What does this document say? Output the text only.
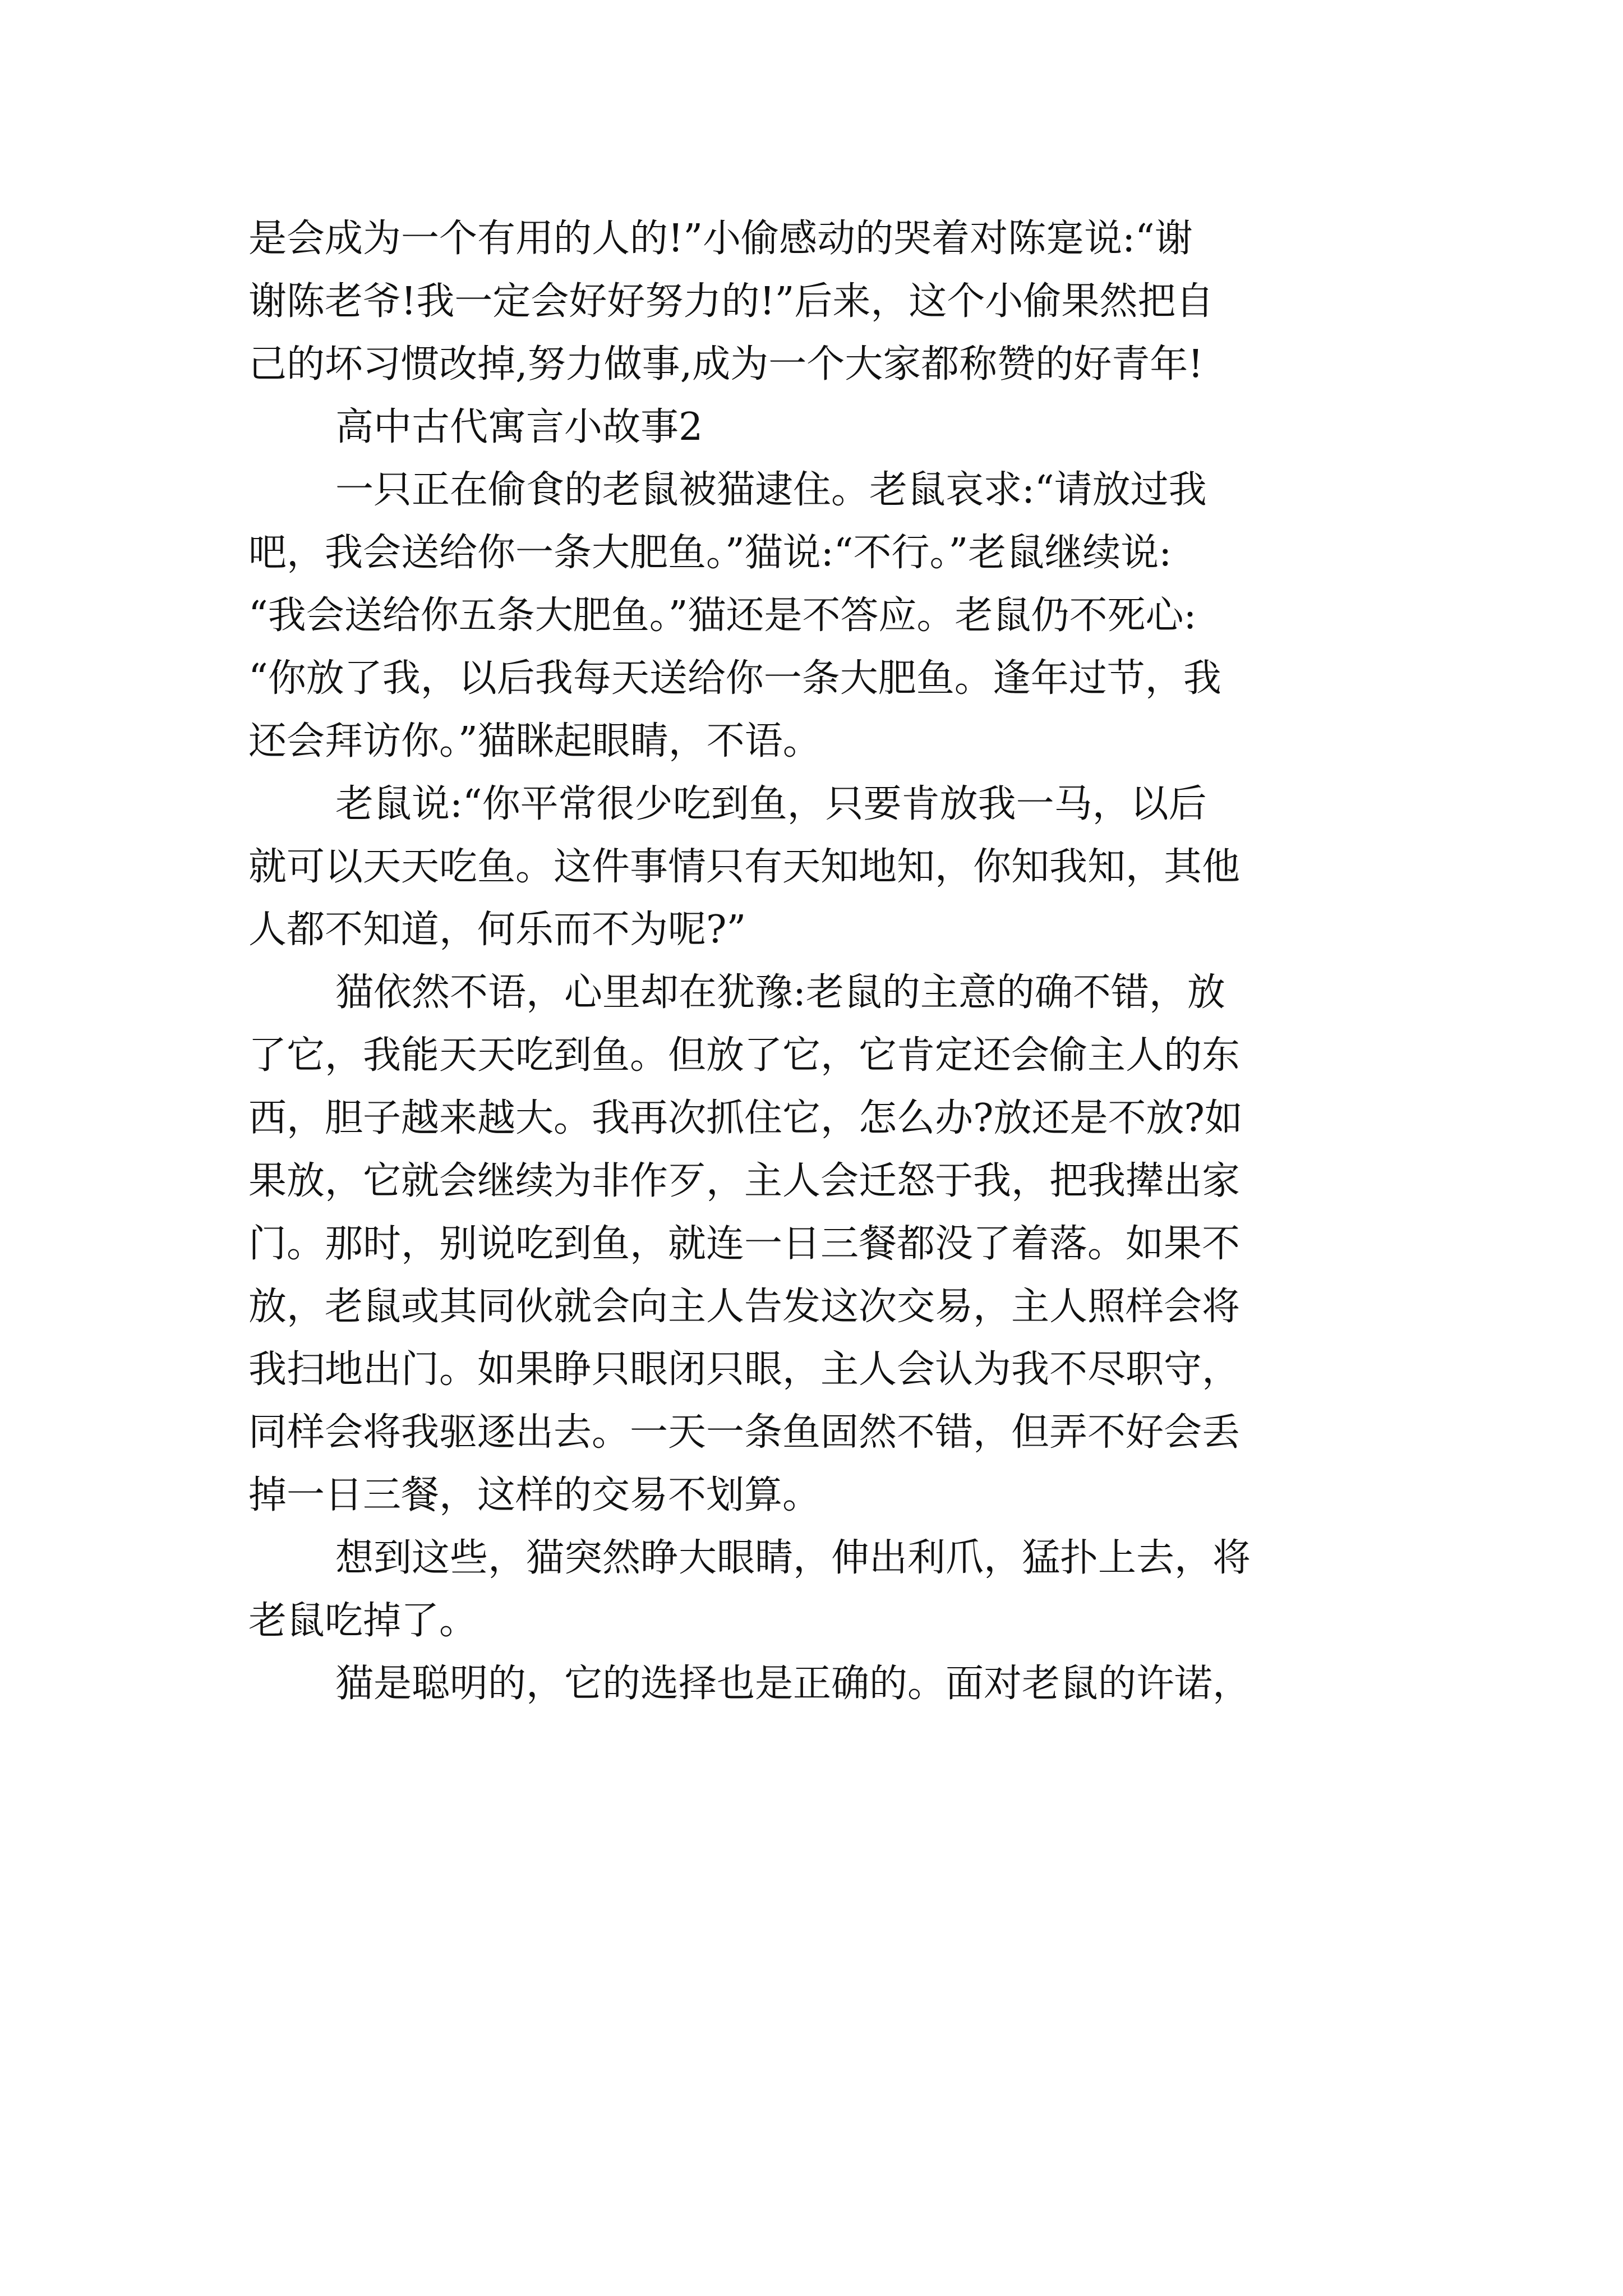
是会成为一个有用的人的!”小偷感动的哭着对陈寔说:“谢
谢陈老爷!我一定会好好努力的!”后来，这个小偷果然把自
己的坏习惯改掉,努力做事,成为一个大家都称赞的好青年!
高中古代寓言小故事2
一只正在偷食的老鼠被猫逮住。老鼠哀求:“请放过我
吧，我会送给你一条大肥鱼。”猫说:“不行。”老鼠继续说:
“我会送给你五条大肥鱼。”猫还是不答应。老鼠仍不死心:
“你放了我，以后我每天送给你一条大肥鱼。逢年过节，我
还会拜访你。”猫眯起眼睛，不语。
老鼠说:“你平常很少吃到鱼，只要肯放我一马，以后
就可以天天吃鱼。这件事情只有天知地知，你知我知，其他
人都不知道，何乐而不为呢?”
猫依然不语，心里却在犹豫:老鼠的主意的确不错，放
了它，我能天天吃到鱼。但放了它，它肯定还会偷主人的东
西，胆子越来越大。我再次抓住它，怎么办?放还是不放?如
果放，它就会继续为非作歹，主人会迁怒于我，把我撵出家
门。那时，别说吃到鱼，就连一日三餐都没了着落。如果不
放，老鼠或其同伙就会向主人告发这次交易，主人照样会将
我扫地出门。如果睁只眼闭只眼，主人会认为我不尽职守，
同样会将我驱逐出去。一天一条鱼固然不错，但弄不好会丢
掉一日三餐，这样的交易不划算。
想到这些，猫突然睁大眼睛，伸出利爪，猛扑上去，将
老鼠吃掉了。
猫是聪明的，它的选择也是正确的。面对老鼠的许诺，
